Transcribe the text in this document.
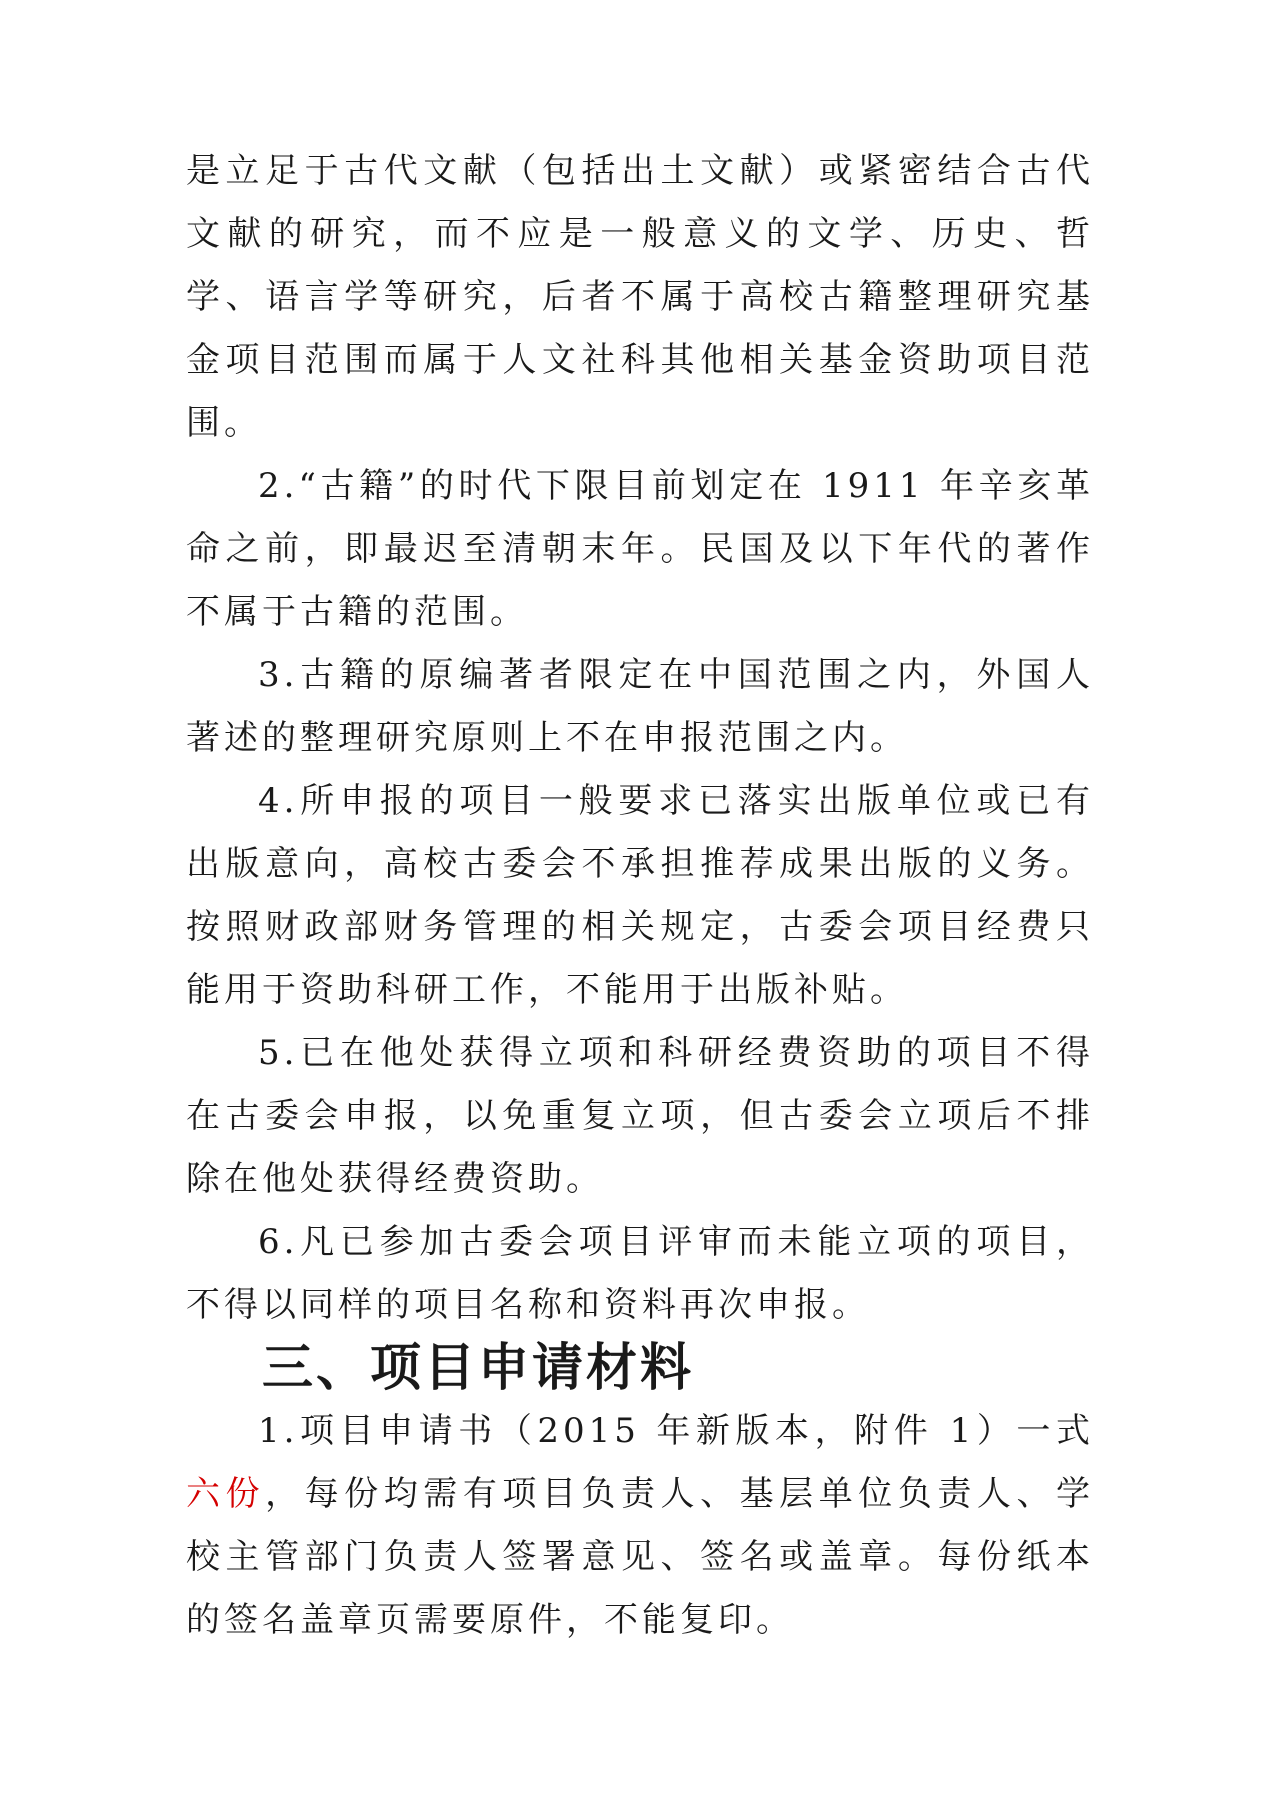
是立足于古代文献（包括出土文献）或紧密结合古代文献的研究，而不应是一般意义的文学、历史、哲学、语言学等研究，后者不属于高校古籍整理研究基金项目范围而属于人文社科其他相关基金资助项目范围。

2.“古籍”的时代下限目前划定在 1911 年辛亥革命之前，即最迟至清朝末年。民国及以下年代的著作不属于古籍的范围。

3.古籍的原编著者限定在中国范围之内，外国人著述的整理研究原则上不在申报范围之内。

4.所申报的项目一般要求已落实出版单位或已有出版意向，高校古委会不承担推荐成果出版的义务。按照财政部财务管理的相关规定，古委会项目经费只能用于资助科研工作，不能用于出版补贴。

5.已在他处获得立项和科研经费资助的项目不得在古委会申报，以免重复立项，但古委会立项后不排除在他处获得经费资助。

6.凡已参加古委会项目评审而未能立项的项目，不得以同样的项目名称和资料再次申报。

三、项目申请材料

1.项目申请书（2015 年新版本，附件 1）一式六份，每份均需有项目负责人、基层单位负责人、学校主管部门负责人签署意见、签名或盖章。每份纸本的签名盖章页需要原件，不能复印。
